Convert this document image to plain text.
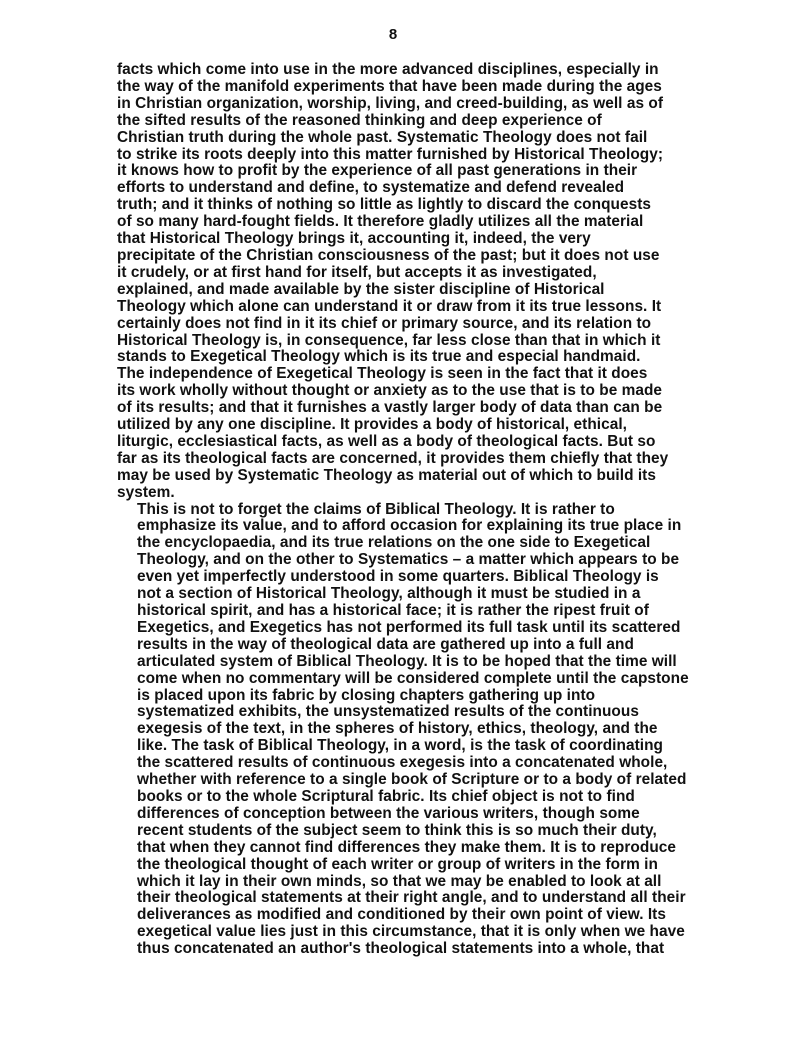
8

facts which come into use in the more advanced disciplines, especially in
the way of the manifold experiments that have been made during the ages
in Christian organization, worship, living, and creed-building, as well as of
the sifted results of the reasoned thinking and deep experience of
Christian truth during the whole past. Systematic Theology does not fail
to strike its roots deeply into this matter furnished by Historical Theology;
it knows how to profit by the experience of all past generations in their
efforts to understand and define, to systematize and defend revealed
truth; and it thinks of nothing so little as lightly to discard the conquests
of so many hard-fought fields. It therefore gladly utilizes all the material
that Historical Theology brings it, accounting it, indeed, the very
precipitate of the Christian consciousness of the past; but it does not use
it crudely, or at first hand for itself, but accepts it as investigated,
explained, and made available by the sister discipline of Historical
Theology which alone can understand it or draw from it its true lessons. It
certainly does not find in it its chief or primary source, and its relation to
Historical Theology is, in consequence, far less close than that in which it
stands to Exegetical Theology which is its true and especial handmaid.
The independence of Exegetical Theology is seen in the fact that it does
its work wholly without thought or anxiety as to the use that is to be made
of its results; and that it furnishes a vastly larger body of data than can be
utilized by any one discipline. It provides a body of historical, ethical,
liturgic, ecclesiastical facts, as well as a body of theological facts. But so
far as its theological facts are concerned, it provides them chiefly that they
may be used by Systematic Theology as material out of which to build its
system.

This is not to forget the claims of Biblical Theology. It is rather to
emphasize its value, and to afford occasion for explaining its true place in
the encyclopaedia, and its true relations on the one side to Exegetical
Theology, and on the other to Systematics – a matter which appears to be
even yet imperfectly understood in some quarters. Biblical Theology is
not a section of Historical Theology, although it must be studied in a
historical spirit, and has a historical face; it is rather the ripest fruit of
Exegetics, and Exegetics has not performed its full task until its scattered
results in the way of theological data are gathered up into a full and
articulated system of Biblical Theology. It is to be hoped that the time will
come when no commentary will be considered complete until the capstone
is placed upon its fabric by closing chapters gathering up into
systematized exhibits, the unsystematized results of the continuous
exegesis of the text, in the spheres of history, ethics, theology, and the
like. The task of Biblical Theology, in a word, is the task of coordinating
the scattered results of continuous exegesis into a concatenated whole,
whether with reference to a single book of Scripture or to a body of related
books or to the whole Scriptural fabric. Its chief object is not to find
differences of conception between the various writers, though some
recent students of the subject seem to think this is so much their duty,
that when they cannot find differences they make them. It is to reproduce
the theological thought of each writer or group of writers in the form in
which it lay in their own minds, so that we may be enabled to look at all
their theological statements at their right angle, and to understand all their
deliverances as modified and conditioned by their own point of view. Its
exegetical value lies just in this circumstance, that it is only when we have
thus concatenated an author's theological statements into a whole, that
